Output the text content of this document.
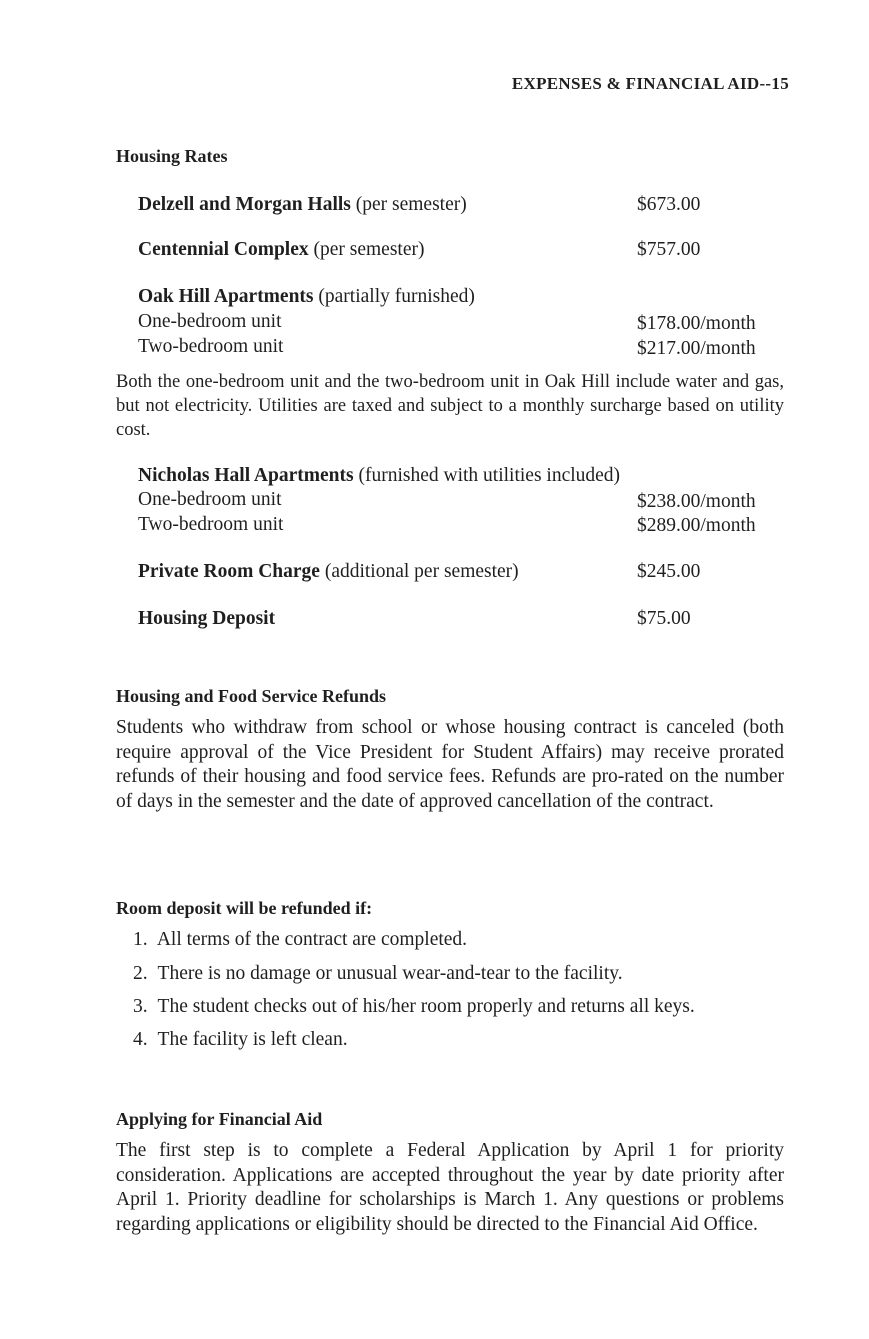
EXPENSES & FINANCIAL AID--15
Housing Rates
Delzell and Morgan Halls (per semester)	$673.00
Centennial Complex (per semester)	$757.00
Oak Hill Apartments (partially furnished)
One-bedroom unit	$178.00/month
Two-bedroom unit	$217.00/month
Both the one-bedroom unit and the two-bedroom unit in Oak Hill include water and gas, but not electricity. Utilities are taxed and subject to a monthly surcharge based on utility cost.
Nicholas Hall Apartments (furnished with utilities included)
One-bedroom unit	$238.00/month
Two-bedroom unit	$289.00/month
Private Room Charge (additional per semester)	$245.00
Housing Deposit	$75.00
Housing and Food Service Refunds
Students who withdraw from school or whose housing contract is canceled (both require approval of the Vice President for Student Affairs) may receive prorated refunds of their housing and food service fees. Refunds are pro-rated on the number of days in the semester and the date of approved cancellation of the contract.
Room deposit will be refunded if:
1. All terms of the contract are completed.
2. There is no damage or unusual wear-and-tear to the facility.
3. The student checks out of his/her room properly and returns all keys.
4. The facility is left clean.
Applying for Financial Aid
The first step is to complete a Federal Application by April 1 for priority consideration. Applications are accepted throughout the year by date priority after April 1. Priority deadline for scholarships is March 1. Any questions or problems regarding applications or eligibility should be directed to the Financial Aid Office.
